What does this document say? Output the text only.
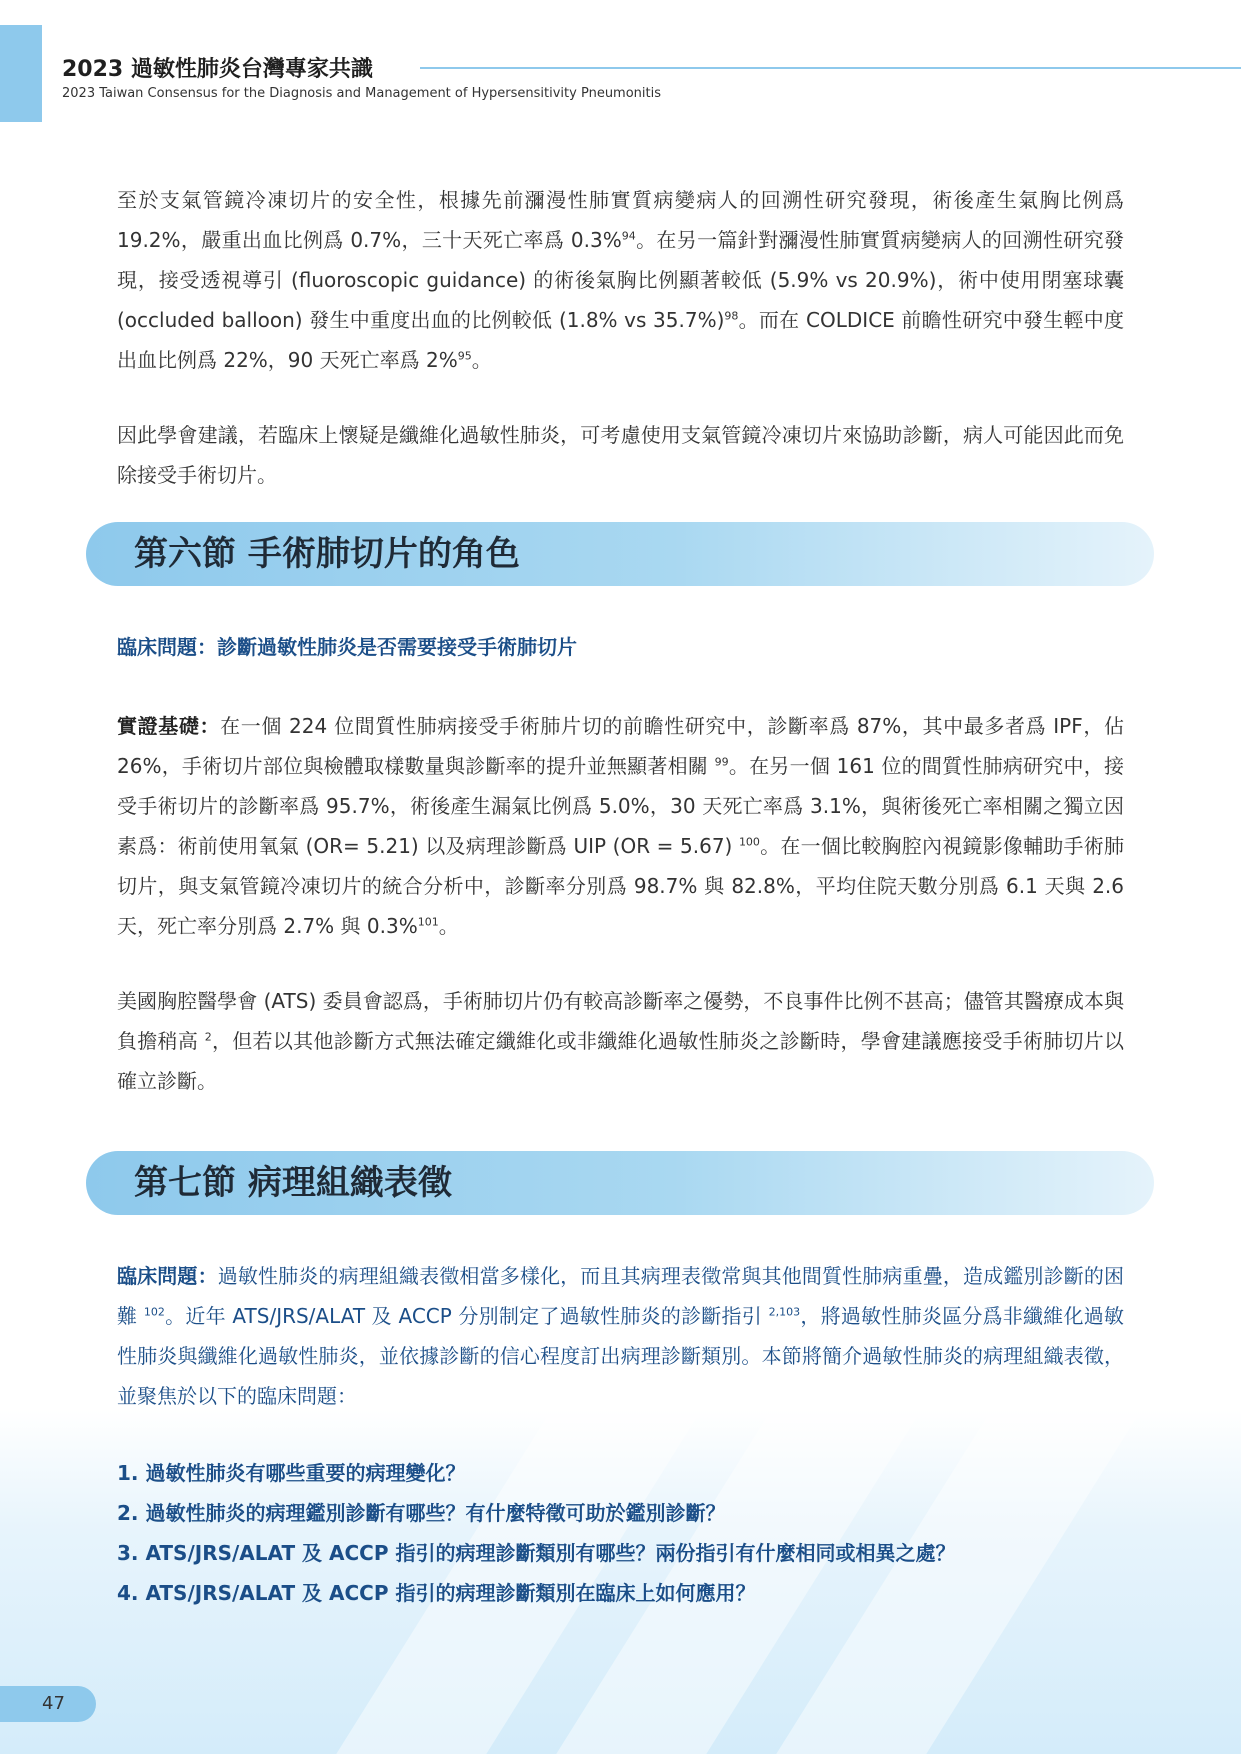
2023 過敏性肺炎台灣專家共識
2023 Taiwan Consensus for the Diagnosis and Management of Hypersensitivity Pneumonitis

至於支氣管鏡冷凍切片的安全性，根據先前瀰漫性肺實質病變病人的回溯性研究發現，術後產生氣胸比例爲 19.2%，嚴重出血比例爲 0.7%，三十天死亡率爲 0.3%$^{94}$。在另一篇針對瀰漫性肺實質病變病人的回溯性研究發現，接受透視導引 (fluoroscopic guidance) 的術後氣胸比例顯著較低 (5.9% vs 20.9%)，術中使用閉塞球囊 (occluded balloon) 發生中重度出血的比例較低 (1.8% vs 35.7%)$^{98}$。而在 COLDICE 前瞻性研究中發生輕中度出血比例爲 22%，90 天死亡率爲 2%$^{95}$。

因此學會建議，若臨床上懷疑是纖維化過敏性肺炎，可考慮使用支氣管鏡冷凍切片來協助診斷，病人可能因此而免除接受手術切片。

第六節 手術肺切片的角色

臨床問題：診斷過敏性肺炎是否需要接受手術肺切片

實證基礎：在一個 224 位間質性肺病接受手術肺片切的前瞻性研究中，診斷率爲 87%，其中最多者爲 IPF，佔 26%，手術切片部位與檢體取樣數量與診斷率的提升並無顯著相關 $^{99}$。在另一個 161 位的間質性肺病研究中，接受手術切片的診斷率爲 95.7%，術後產生漏氣比例爲 5.0%，30 天死亡率爲 3.1%，與術後死亡率相關之獨立因素爲：術前使用氧氣 (OR= 5.21) 以及病理診斷爲 UIP (OR = 5.67) $^{100}$。在一個比較胸腔內視鏡影像輔助手術肺切片，與支氣管鏡冷凍切片的統合分析中，診斷率分別爲 98.7% 與 82.8%，平均住院天數分別爲 6.1 天與 2.6 天，死亡率分別爲 2.7% 與 0.3%$^{101}$。

美國胸腔醫學會 (ATS) 委員會認爲，手術肺切片仍有較高診斷率之優勢，不良事件比例不甚高；儘管其醫療成本與負擔稍高 $^2$，但若以其他診斷方式無法確定纖維化或非纖維化過敏性肺炎之診斷時，學會建議應接受手術肺切片以確立診斷。

第七節 病理組織表徵

臨床問題：過敏性肺炎的病理組織表徵相當多樣化，而且其病理表徵常與其他間質性肺病重疊，造成鑑別診斷的困難 $^{102}$。近年 ATS/JRS/ALAT 及 ACCP 分別制定了過敏性肺炎的診斷指引 $^{2,103}$，將過敏性肺炎區分爲非纖維化過敏性肺炎與纖維化過敏性肺炎，並依據診斷的信心程度訂出病理診斷類別。本節將簡介過敏性肺炎的病理組織表徵，並聚焦於以下的臨床問題：

1. 過敏性肺炎有哪些重要的病理變化？
2. 過敏性肺炎的病理鑑別診斷有哪些？有什麼特徵可助於鑑別診斷？
3. ATS/JRS/ALAT 及 ACCP 指引的病理診斷類別有哪些？兩份指引有什麼相同或相異之處？
4. ATS/JRS/ALAT 及 ACCP 指引的病理診斷類別在臨床上如何應用？
47
